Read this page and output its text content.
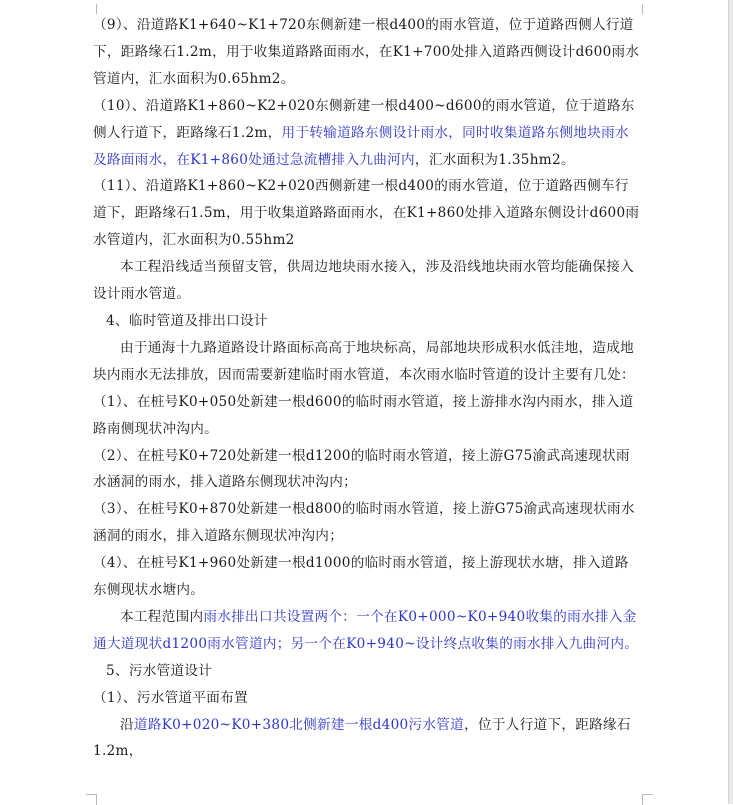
（9）、沿道路K1+640~K1+720东侧新建一根d400的雨水管道，位于道路西侧人行道下，距路缘石1.2m，用于收集道路路面雨水，在K1+700处排入道路西侧设计d600雨水管道内，汇水面积为0.65hm2。

（10）、沿道路K1+860~K2+020东侧新建一根d400~d600的雨水管道，位于道路东侧人行道下，距路缘石1.2m，用于转输道路东侧设计雨水，同时收集道路东侧地块雨水及路面雨水，在K1+860处通过急流槽排入九曲河内，汇水面积为1.35hm2。

（11）、沿道路K1+860~K2+020西侧新建一根d400的雨水管道，位于道路西侧车行道下，距路缘石1.5m，用于收集道路路面雨水，在K1+860处排入道路东侧设计d600雨水管道内，汇水面积为0.55hm2

本工程沿线适当预留支管，供周边地块雨水接入，涉及沿线地块雨水管均能确保接入设计雨水管道。

4、临时管道及排出口设计

由于通海十九路道路设计路面标高高于地块标高，局部地块形成积水低洼地，造成地块内雨水无法排放，因而需要新建临时雨水管道，本次雨水临时管道的设计主要有几处：

（1）、在桩号K0+050处新建一根d600的临时雨水管道，接上游排水沟内雨水，排入道路南侧现状冲沟内。

（2）、在桩号K0+720处新建一根d1200的临时雨水管道，接上游G75渝武高速现状雨水涵洞的雨水，排入道路东侧现状冲沟内；

（3）、在桩号K0+870处新建一根d800的临时雨水管道，接上游G75渝武高速现状雨水涵洞的雨水，排入道路东侧现状冲沟内；

（4）、在桩号K1+960处新建一根d1000的临时雨水管道，接上游现状水塘，排入道路东侧现状水塘内。

本工程范围内雨水排出口共设置两个：一个在K0+000~K0+940收集的雨水排入金通大道现状d1200雨水管道内；另一个在K0+940~设计终点收集的雨水排入九曲河内。

5、污水管道设计

（1）、污水管道平面布置

沿道路K0+020~K0+380北侧新建一根d400污水管道，位于人行道下，距路缘石1.2m，
